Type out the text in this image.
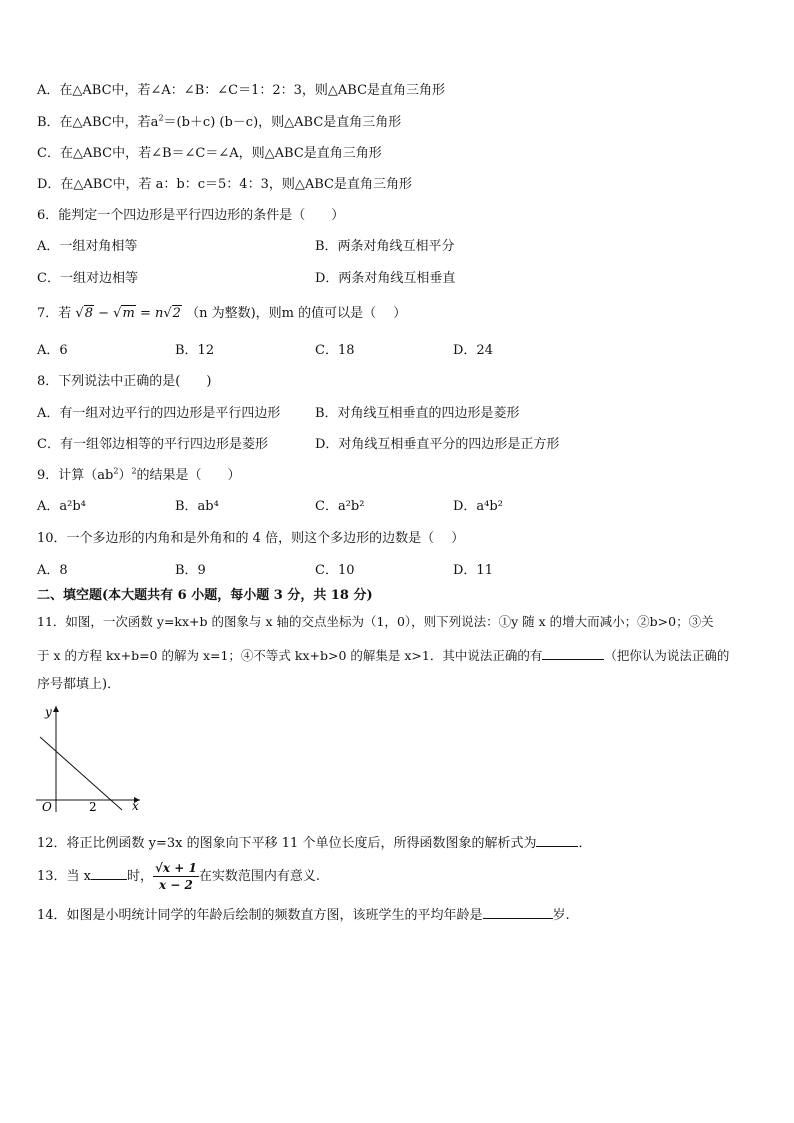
A．在△ABC中，若∠A：∠B：∠C＝1：2：3，则△ABC是直角三角形
B．在△ABC中，若$a^2=(b+c)$ (b－c)，则△ABC是直角三角形
C．在△ABC中，若∠B＝∠C＝∠A，则△ABC是直角三角形
D．在△ABC中，若 a：b：c＝5：4：3，则△ABC是直角三角形
6．能判定一个四边形是平行四边形的条件是（　　）
A．一组对角相等	B．两条对角线互相平分
C．一组对边相等	D．两条对角线互相垂直
7．若 √8 − √m = n√2 （n 为整数)，则m 的值可以是（　 ）
A．6	B．12	C．18	D．24
8．下列说法中正确的是(　　)
A．有一组对边平行的四边形是平行四边形	B．对角线互相垂直的四边形是菱形
C．有一组邻边相等的平行四边形是菱形	D．对角线互相垂直平分的四边形是正方形
9．计算$(ab^2)^2$的结果是（　　）
A．a²b⁴	B．ab⁴	C．a²b²	D．a⁴b²
10．一个多边形的内角和是外角和的 4 倍，则这个多边形的边数是（　 ）
A．8	B．9	C．10	D．11
二、填空题(本大题共有 6 小题，每小题 3 分，共 18 分)
11．如图，一次函数 y=kx+b 的图象与 x 轴的交点坐标为（1，0），则下列说法：①y 随 x 的增大而减小；②b>0；③关
于 x 的方程 kx+b=0 的解为 x=1；④不等式 kx+b>0 的解集是 x>1．其中说法正确的有	（把你认为说法正确的
序号都填上)．
y
x
O	2
12．将正比例函数 y=3x 的图象向下平移 11 个单位长度后，所得函数图象的解析式为	．
13．当 x	时， $\frac{√x + 1}{x - 2}$ 在实数范围内有意义.
14．如图是小明统计同学的年龄后绘制的频数直方图，该班学生的平均年龄是	岁.
